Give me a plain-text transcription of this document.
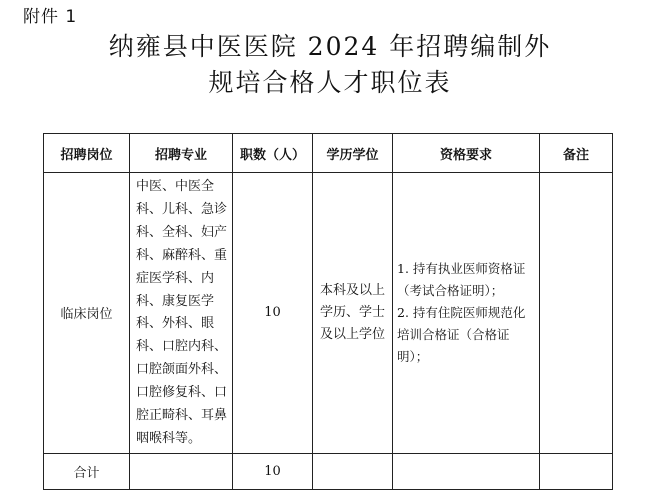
附件 1
纳雍县中医医院 2024 年招聘编制外
规培合格人才职位表
招聘岗位	招聘专业	职数（人）	学历学位	资格要求	备注
临床岗位	中医、中医全科、儿科、急诊科、全科、妇产科、麻醉科、重症医学科、内科、康复医学科、外科、眼科、口腔内科、口腔颌面外科、口腔修复科、口腔正畸科、耳鼻咽喉科等。	10	本科及以上学历、学士及以上学位	1. 持有执业医师资格证（考试合格证明）；
2. 持有住院医师规范化培训合格证（合格证明）；	

合计		10			
